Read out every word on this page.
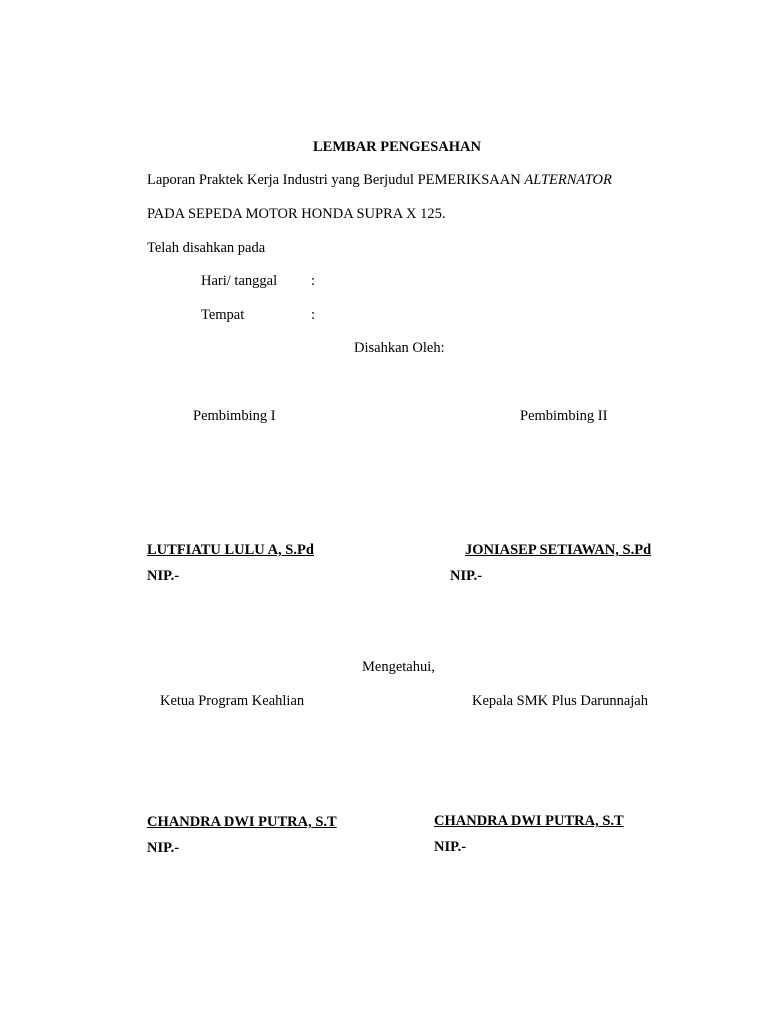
LEMBAR PENGESAHAN
Laporan Praktek Kerja Industri yang Berjudul PEMERIKSAAN ALTERNATOR
PADA SEPEDA MOTOR HONDA SUPRA X 125.
Telah disahkan pada
Hari/ tanggal :
Tempat	:
Disahkan Oleh:
Pembimbing I	Pembimbing II
LUTFIATU LULU A, S.Pd	JONIASEP SETIAWAN, S.Pd
NIP.-	NIP.-
Mengetahui,
Ketua Program Keahlian	Kepala SMK Plus Darunnajah
CHANDRA DWI PUTRA, S.T	CHANDRA DWI PUTRA, S.T
NIP.-	NIP.-
